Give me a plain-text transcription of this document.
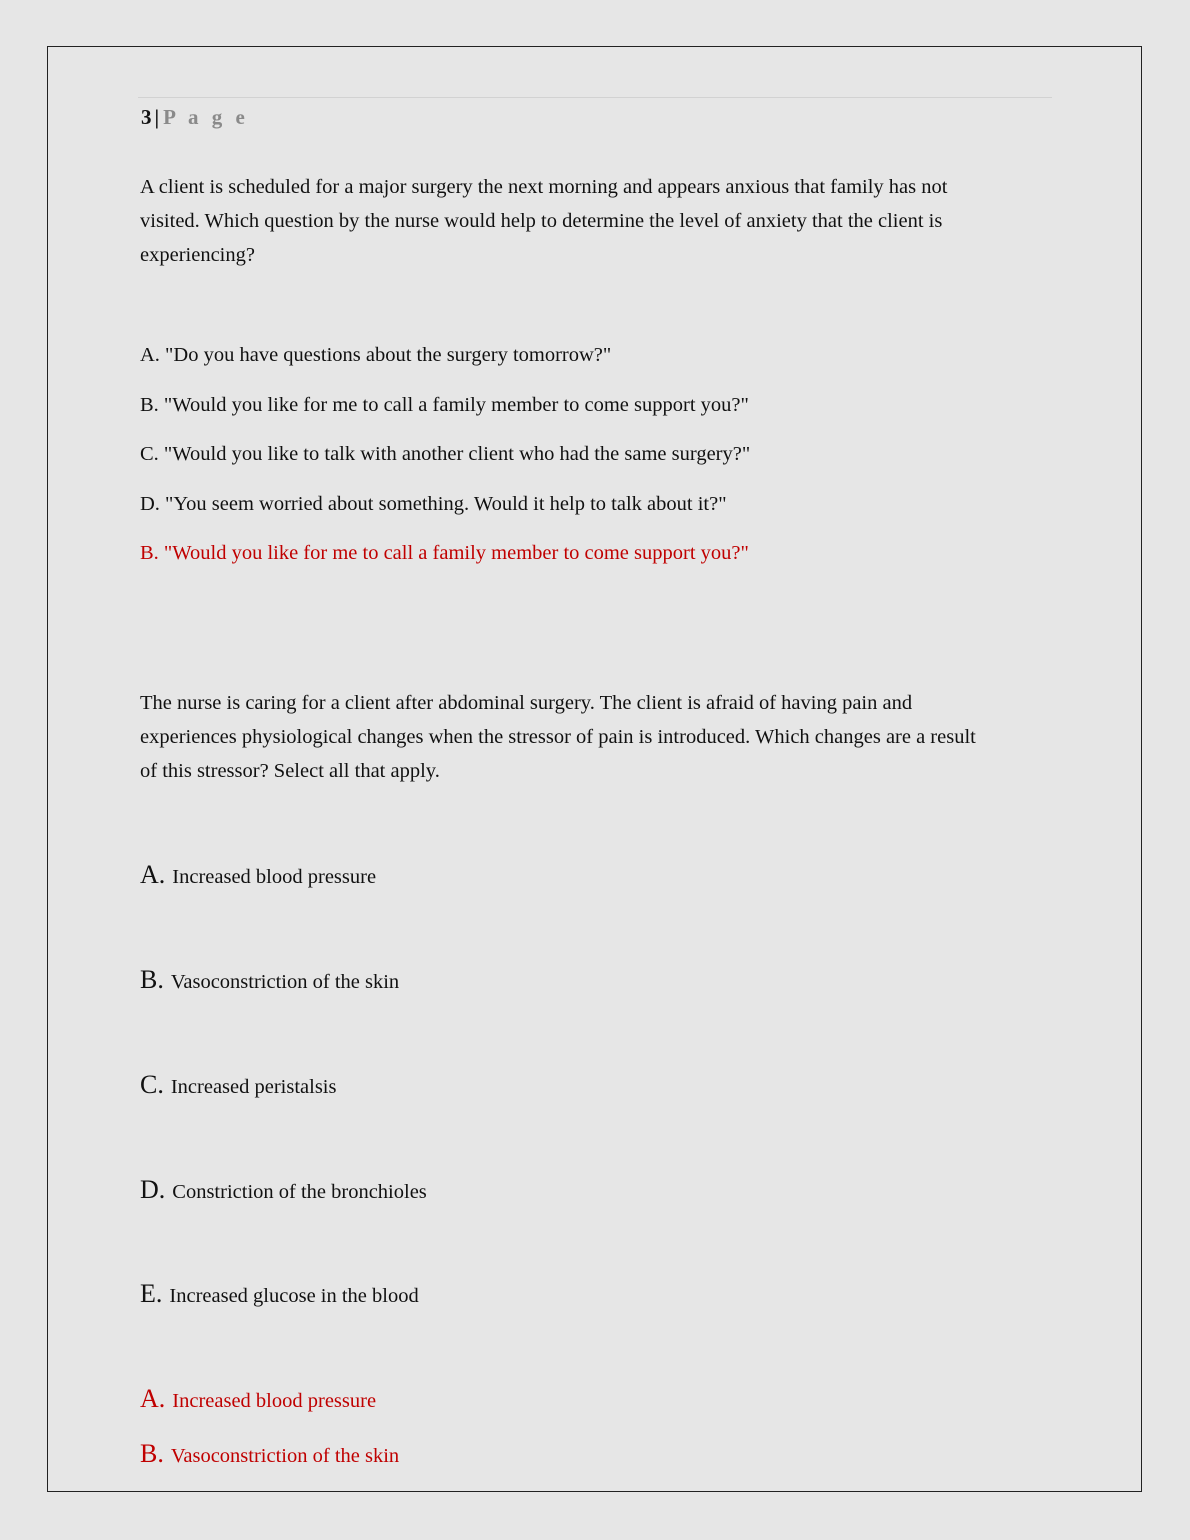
3 | P a g e
A client is scheduled for a major surgery the next morning and appears anxious that family has not
visited. Which question by the nurse would help to determine the level of anxiety that the client is
experiencing?
A. "Do you have questions about the surgery tomorrow?"
B. "Would you like for me to call a family member to come support you?"
C. "Would you like to talk with another client who had the same surgery?"
D. "You seem worried about something. Would it help to talk about it?"
B. "Would you like for me to call a family member to come support you?"
The nurse is caring for a client after abdominal surgery. The client is afraid of having pain and
experiences physiological changes when the stressor of pain is introduced. Which changes are a result
of this stressor? Select all that apply.
A. Increased blood pressure
B. Vasoconstriction of the skin
C. Increased peristalsis
D. Constriction of the bronchioles
E. Increased glucose in the blood
A. Increased blood pressure
B. Vasoconstriction of the skin
